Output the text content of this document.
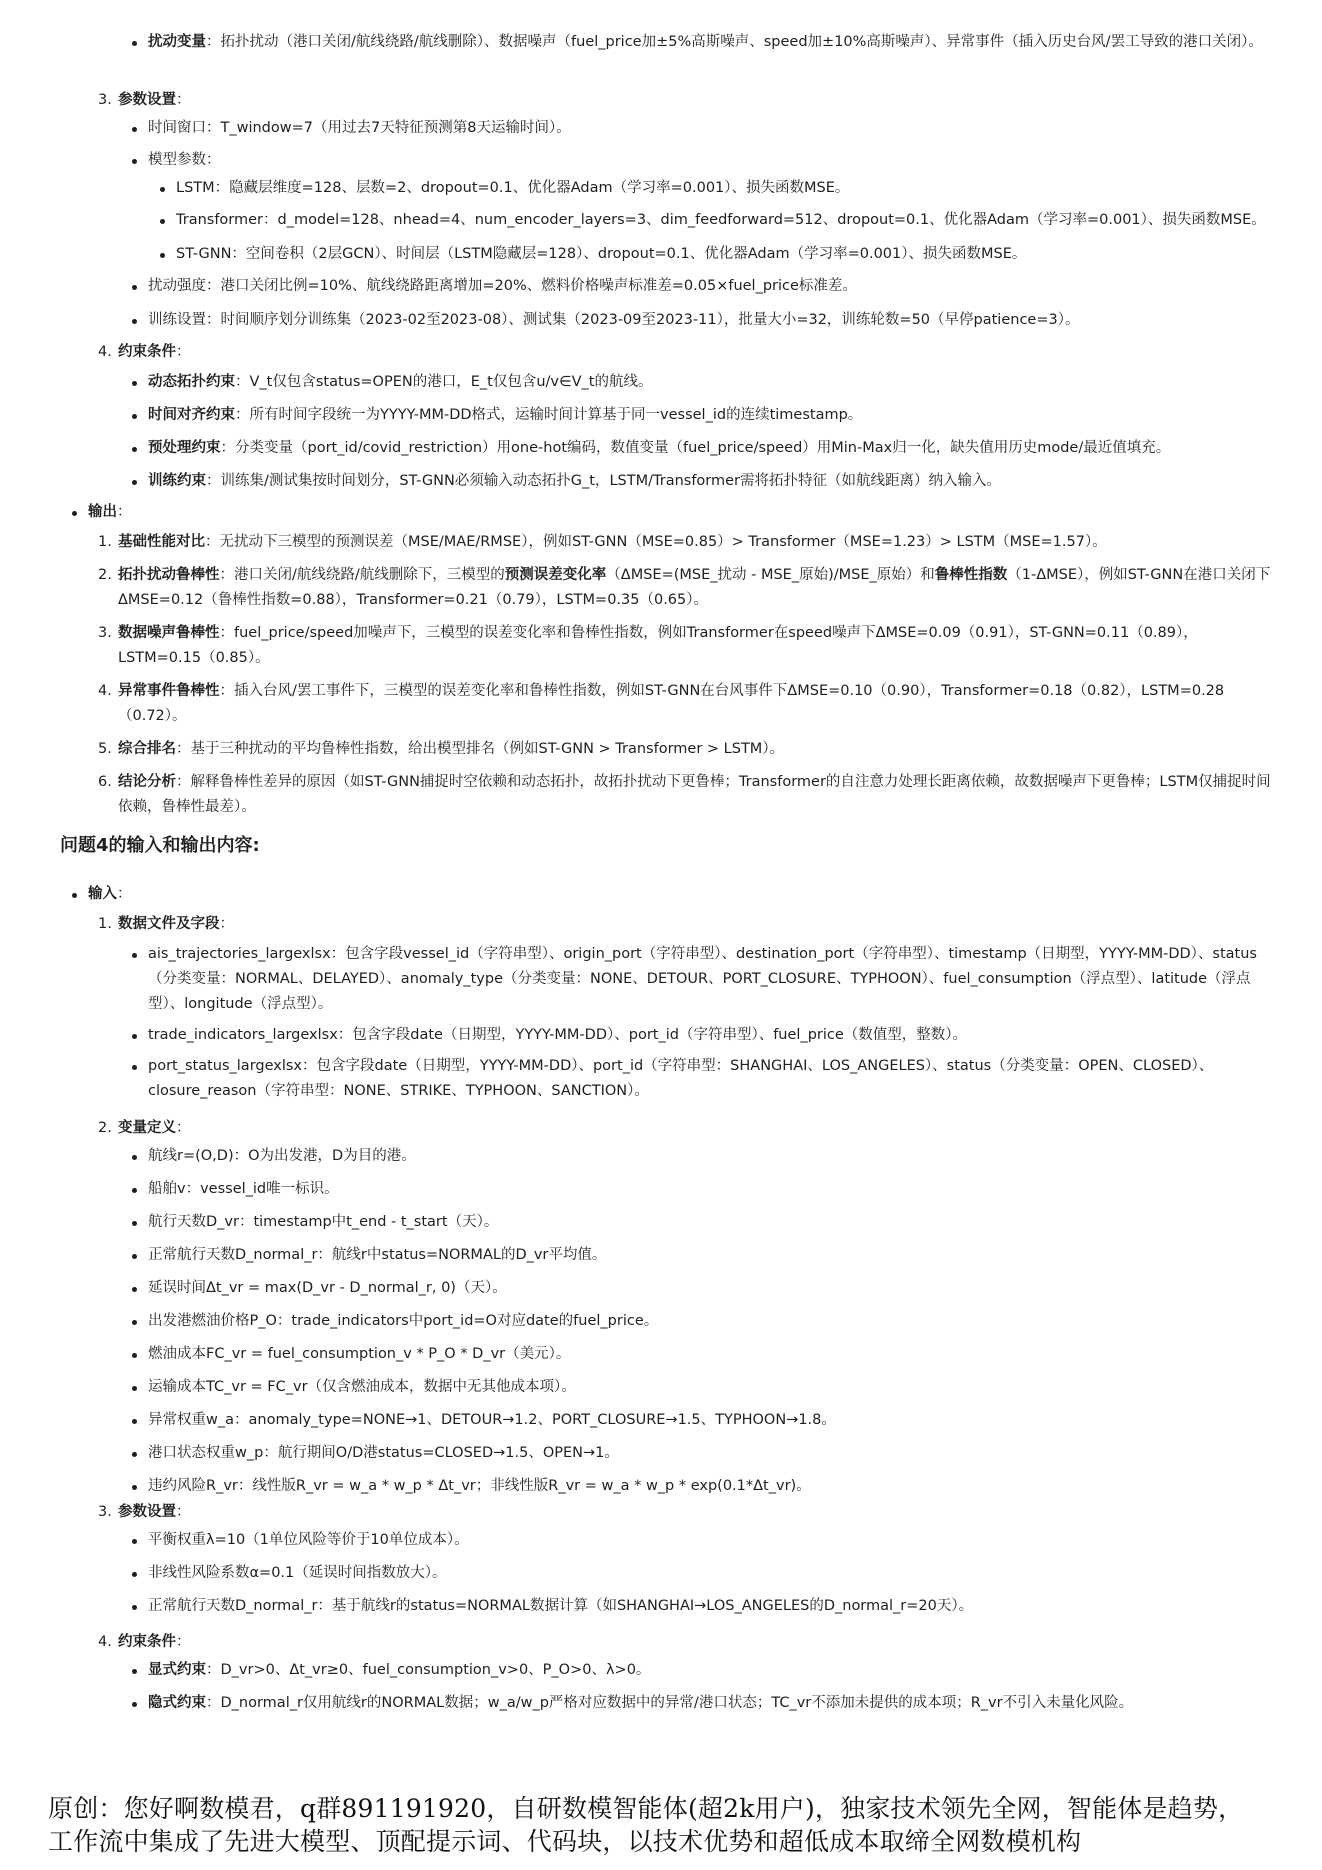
扰动变量：拓扑扰动（港口关闭/航线绕路/航线删除）、数据噪声（fuel_price加±5%高斯噪声、speed加±10%高斯噪声）、异常事件（插入历史台风/罢工导致的港口关闭）。
3. 参数设置：
时间窗口：T_window=7（用过去7天特征预测第8天运输时间）。
模型参数：
LSTM：隐藏层维度=128、层数=2、dropout=0.1、优化器Adam（学习率=0.001）、损失函数MSE。
Transformer：d_model=128、nhead=4、num_encoder_layers=3、dim_feedforward=512、dropout=0.1、优化器Adam（学习率=0.001）、损失函数MSE。
ST-GNN：空间卷积（2层GCN）、时间层（LSTM隐藏层=128）、dropout=0.1、优化器Adam（学习率=0.001）、损失函数MSE。
扰动强度：港口关闭比例=10%、航线绕路距离增加=20%、燃料价格噪声标准差=0.05×fuel_price标准差。
训练设置：时间顺序划分训练集（2023-02至2023-08）、测试集（2023-09至2023-11），批量大小=32，训练轮数=50（早停patience=3）。
4. 约束条件：
动态拓扑约束：V_t仅包含status=OPEN的港口，E_t仅包含u/v∈V_t的航线。
时间对齐约束：所有时间字段统一为YYYY-MM-DD格式，运输时间计算基于同一vessel_id的连续timestamp。
预处理约束：分类变量（port_id/covid_restriction）用one-hot编码，数值变量（fuel_price/speed）用Min-Max归一化，缺失值用历史mode/最近值填充。
训练约束：训练集/测试集按时间划分，ST-GNN必须输入动态拓扑G_t，LSTM/Transformer需将拓扑特征（如航线距离）纳入输入。
输出：
1. 基础性能对比：无扰动下三模型的预测误差（MSE/MAE/RMSE），例如ST-GNN（MSE=0.85）> Transformer（MSE=1.23）> LSTM（MSE=1.57）。
2. 拓扑扰动鲁棒性：港口关闭/航线绕路/航线删除下，三模型的预测误差变化率（ΔMSE=(MSE_扰动 - MSE_原始)/MSE_原始）和鲁棒性指数（1-ΔMSE），例如ST-GNN在港口关闭下ΔMSE=0.12（鲁棒性指数=0.88），Transformer=0.21（0.79），LSTM=0.35（0.65）。
3. 数据噪声鲁棒性：fuel_price/speed加噪声下，三模型的误差变化率和鲁棒性指数，例如Transformer在speed噪声下ΔMSE=0.09（0.91），ST-GNN=0.11（0.89），LSTM=0.15（0.85）。
4. 异常事件鲁棒性：插入台风/罢工事件下，三模型的误差变化率和鲁棒性指数，例如ST-GNN在台风事件下ΔMSE=0.10（0.90），Transformer=0.18（0.82），LSTM=0.28（0.72）。
5. 综合排名：基于三种扰动的平均鲁棒性指数，给出模型排名（例如ST-GNN > Transformer > LSTM）。
6. 结论分析：解释鲁棒性差异的原因（如ST-GNN捕捉时空依赖和动态拓扑，故拓扑扰动下更鲁棒；Transformer的自注意力处理长距离依赖，故数据噪声下更鲁棒；LSTM仅捕捉时间依赖，鲁棒性最差）。
问题4的输入和输出内容:
输入：
1. 数据文件及字段：
ais_trajectories_largexlsx：包含字段vessel_id（字符串型）、origin_port（字符串型）、destination_port（字符串型）、timestamp（日期型，YYYY-MM-DD）、status（分类变量：NORMAL、DELAYED）、anomaly_type（分类变量：NONE、DETOUR、PORT_CLOSURE、TYPHOON）、fuel_consumption（浮点型）、latitude（浮点型）、longitude（浮点型）。
trade_indicators_largexlsx：包含字段date（日期型，YYYY-MM-DD）、port_id（字符串型）、fuel_price（数值型，整数）。
port_status_largexlsx：包含字段date（日期型，YYYY-MM-DD）、port_id（字符串型：SHANGHAI、LOS_ANGELES）、status（分类变量：OPEN、CLOSED）、closure_reason（字符串型：NONE、STRIKE、TYPHOON、SANCTION）。
2. 变量定义：
航线r=(O,D)：O为出发港，D为目的港。
船舶v：vessel_id唯一标识。
航行天数D_vr：timestamp中t_end - t_start（天）。
正常航行天数D_normal_r：航线r中status=NORMAL的D_vr平均值。
延误时间Δt_vr = max(D_vr - D_normal_r, 0)（天）。
出发港燃油价格P_O：trade_indicators中port_id=O对应date的fuel_price。
燃油成本FC_vr = fuel_consumption_v * P_O * D_vr（美元）。
运输成本TC_vr = FC_vr（仅含燃油成本，数据中无其他成本项）。
异常权重w_a：anomaly_type=NONE→1、DETOUR→1.2、PORT_CLOSURE→1.5、TYPHOON→1.8。
港口状态权重w_p：航行期间O/D港status=CLOSED→1.5、OPEN→1。
违约风险R_vr：线性版R_vr = w_a * w_p * Δt_vr；非线性版R_vr = w_a * w_p * exp(0.1*Δt_vr)。
3. 参数设置：
平衡权重λ=10（1单位风险等价于10单位成本）。
非线性风险系数α=0.1（延误时间指数放大）。
正常航行天数D_normal_r：基于航线r的status=NORMAL数据计算（如SHANGHAI→LOS_ANGELES的D_normal_r=20天）。
4. 约束条件：
显式约束：D_vr>0、Δt_vr≥0、fuel_consumption_v>0、P_O>0、λ>0。
隐式约束：D_normal_r仅用航线r的NORMAL数据；w_a/w_p严格对应数据中的异常/港口状态；TC_vr不添加未提供的成本项；R_vr不引入未量化风险。
原创：您好啊数模君，q群891191920，自研数模智能体(超2k用户)，独家技术领先全网，智能体是趋势，
工作流中集成了先进大模型、顶配提示词、代码块，以技术优势和超低成本取缔全网数模机构
